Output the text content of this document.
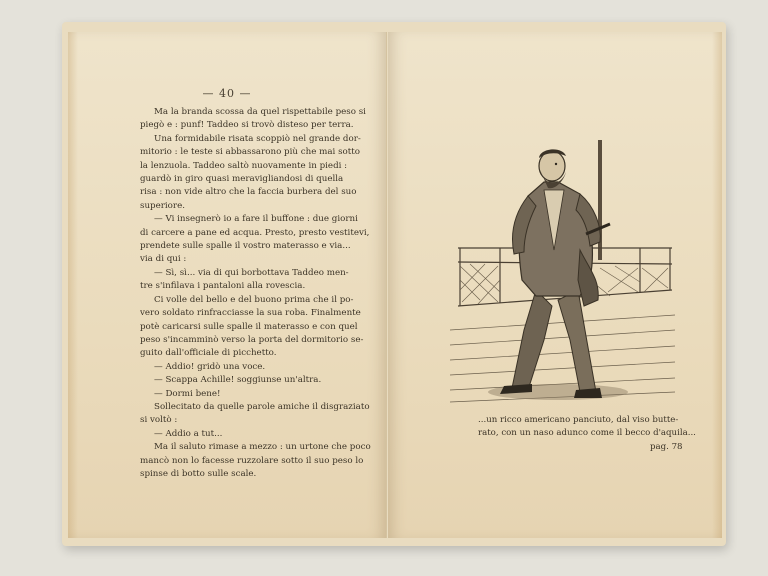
— 40 —
Ma la branda scossa da quel rispettabile peso si
piegò e : punf! Taddeo si trovò disteso per terra.
Una formidabile risata scoppiò nel grande dor-
mitorio : le teste si abbassarono più che mai sotto
la lenzuola. Taddeo saltò nuovamente in piedi :
guardò in giro quasi meravigliandosi di quella
risa : non vide altro che la faccia burbera del suo
superiore.
— Vi insegnerò io a fare il buffone : due giorni
di carcere a pane ed acqua. Presto, presto vestitevi,
prendete sulle spalle il vostro materasso e via...
via di qui :
— Sì, sì... via di qui borbottava Taddeo men-
tre s'infilava i pantaloni alla rovescia.
Ci volle del bello e del buono prima che il po-
vero soldato rinfracciasse la sua roba. Finalmente
potè caricarsi sulle spalle il materasso e con quel
peso s'incamminò verso la porta del dormitorio se-
guito dall'officiale di picchetto.
— Addio! gridò una voce.
— Scappa Achille! soggiunse un'altra.
— Dormi bene!
Sollecitato da quelle parole amiche il disgraziato
si voltò :
— Addio a tut...
Ma il saluto rimase a mezzo : un urtone che poco
mancò non lo facesse ruzzolare sotto il suo peso lo
spinse di botto sulle scale.
...un ricco americano panciuto, dal viso butte-
rato, con un naso adunco come il becco d'aquila...
pag. 78
